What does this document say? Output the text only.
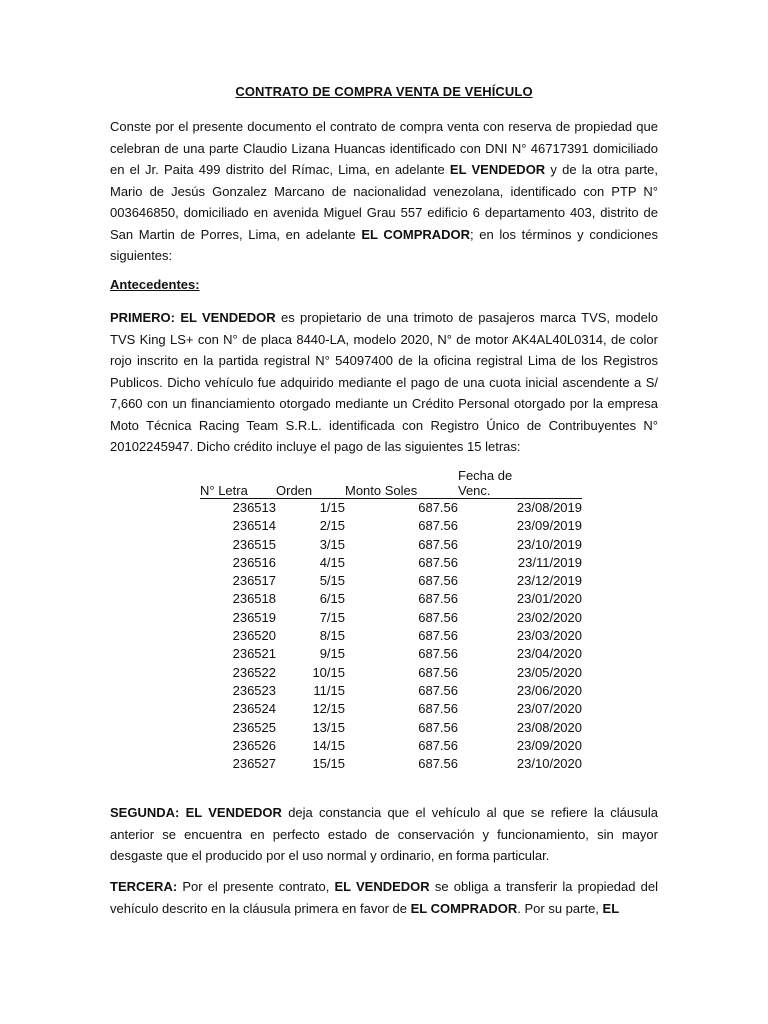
CONTRATO DE COMPRA VENTA DE VEHÍCULO

Conste por el presente documento el contrato de compra venta con reserva de propiedad que celebran de una parte Claudio Lizana Huancas identificado con DNI N° 46717391 domiciliado en el Jr. Paita 499 distrito del Rímac, Lima, en adelante EL VENDEDOR y de la otra parte, Mario de Jesús Gonzalez Marcano de nacionalidad venezolana, identificado con PTP N° 003646850, domiciliado en avenida Miguel Grau 557 edificio 6 departamento 403, distrito de San Martin de Porres, Lima, en adelante EL COMPRADOR; en los términos y condiciones siguientes:

Antecedentes:

PRIMERO: EL VENDEDOR es propietario de una trimoto de pasajeros marca TVS, modelo TVS King LS+ con N° de placa 8440-LA, modelo 2020, N° de motor AK4AL40L0314, de color rojo inscrito en la partida registral N° 54097400 de la oficina registral Lima de los Registros Publicos. Dicho vehículo fue adquirido mediante el pago de una cuota inicial ascendente a S/ 7,660 con un financiamiento otorgado mediante un Crédito Personal otorgado por la empresa Moto Técnica Racing Team S.R.L. identificada con Registro Único de Contribuyentes N° 20102245947. Dicho crédito incluye el pago de las siguientes 15 letras:

N° Letra	Orden	Monto Soles	Fecha de
Venc.
236513	1/15	687.56	23/08/2019
236514	2/15	687.56	23/09/2019
236515	3/15	687.56	23/10/2019
236516	4/15	687.56	23/11/2019
236517	5/15	687.56	23/12/2019
236518	6/15	687.56	23/01/2020
236519	7/15	687.56	23/02/2020
236520	8/15	687.56	23/03/2020
236521	9/15	687.56	23/04/2020
236522	10/15	687.56	23/05/2020
236523	11/15	687.56	23/06/2020
236524	12/15	687.56	23/07/2020
236525	13/15	687.56	23/08/2020
236526	14/15	687.56	23/09/2020
236527	15/15	687.56	23/10/2020

SEGUNDA: EL VENDEDOR deja constancia que el vehículo al que se refiere la cláusula anterior se encuentra en perfecto estado de conservación y funcionamiento, sin mayor desgaste que el producido por el uso normal y ordinario, en forma particular.

TERCERA: Por el presente contrato, EL VENDEDOR se obliga a transferir la propiedad del vehículo descrito en la cláusula primera en favor de EL COMPRADOR. Por su parte, EL
